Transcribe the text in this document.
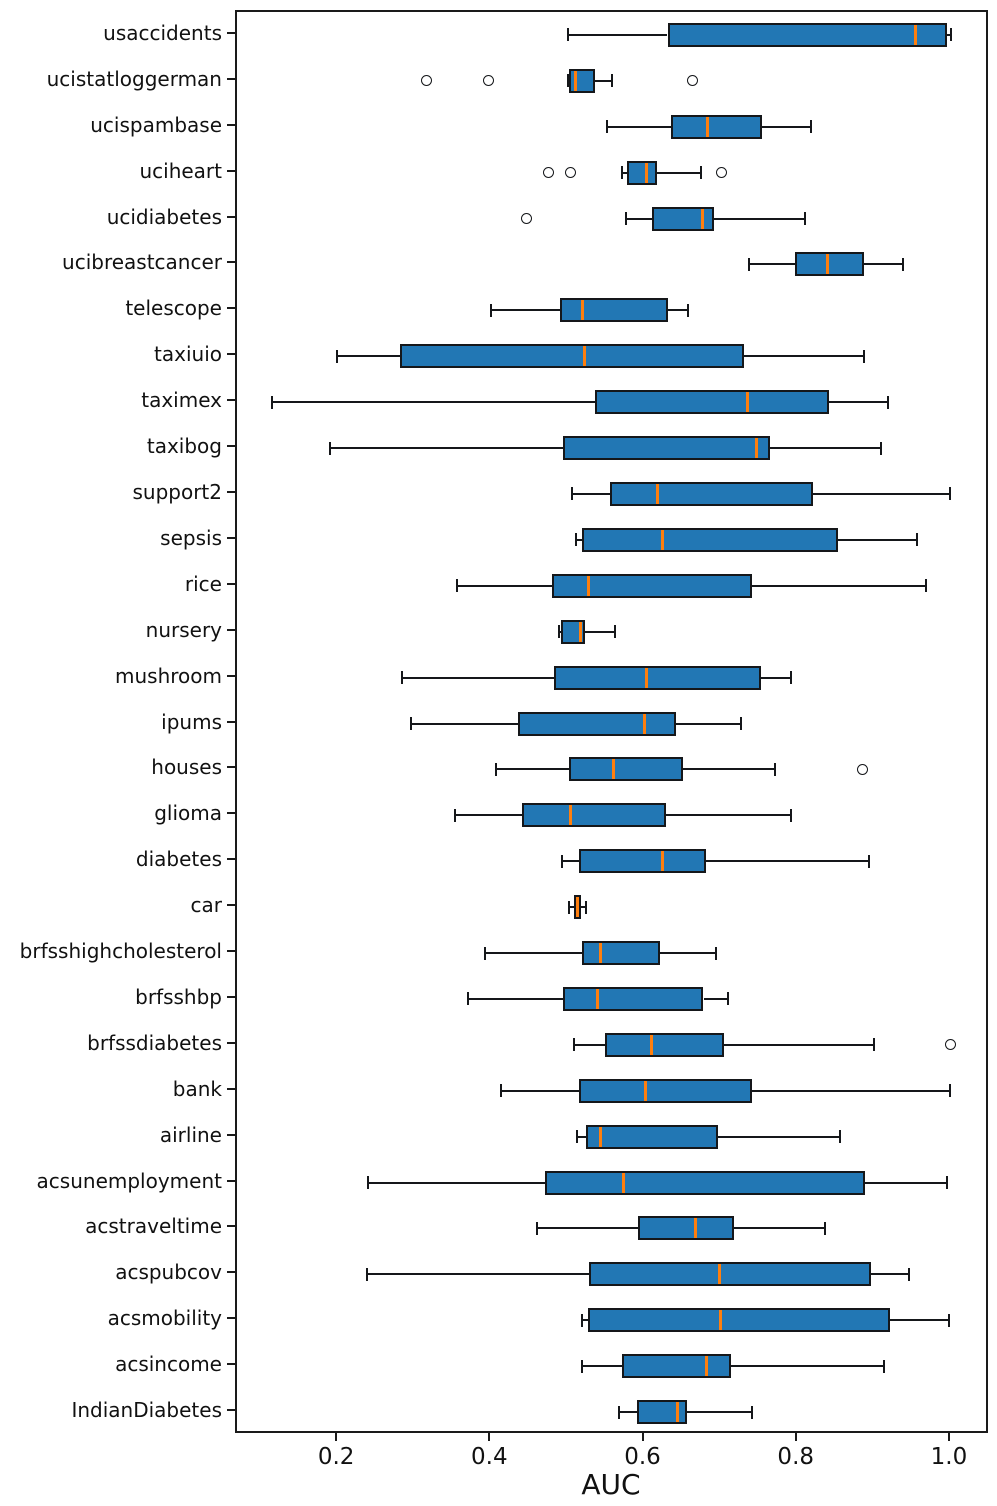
usaccidents
ucistatloggerman
ucispambase
uciheart
ucidiabetes
ucibreastcancer
telescope
taxiuio
taximex
taxibog
support2
sepsis
rice
nursery
mushroom
ipums
houses
glioma
diabetes
car
brfsshighcholesterol
brfsshbp
brfssdiabetes
bank
airline
acsunemployment
acstraveltime
acspubcov
acsmobility
acsincome
IndianDiabetes
0.2	0.4	0.6	0.8	1.0
AUC
